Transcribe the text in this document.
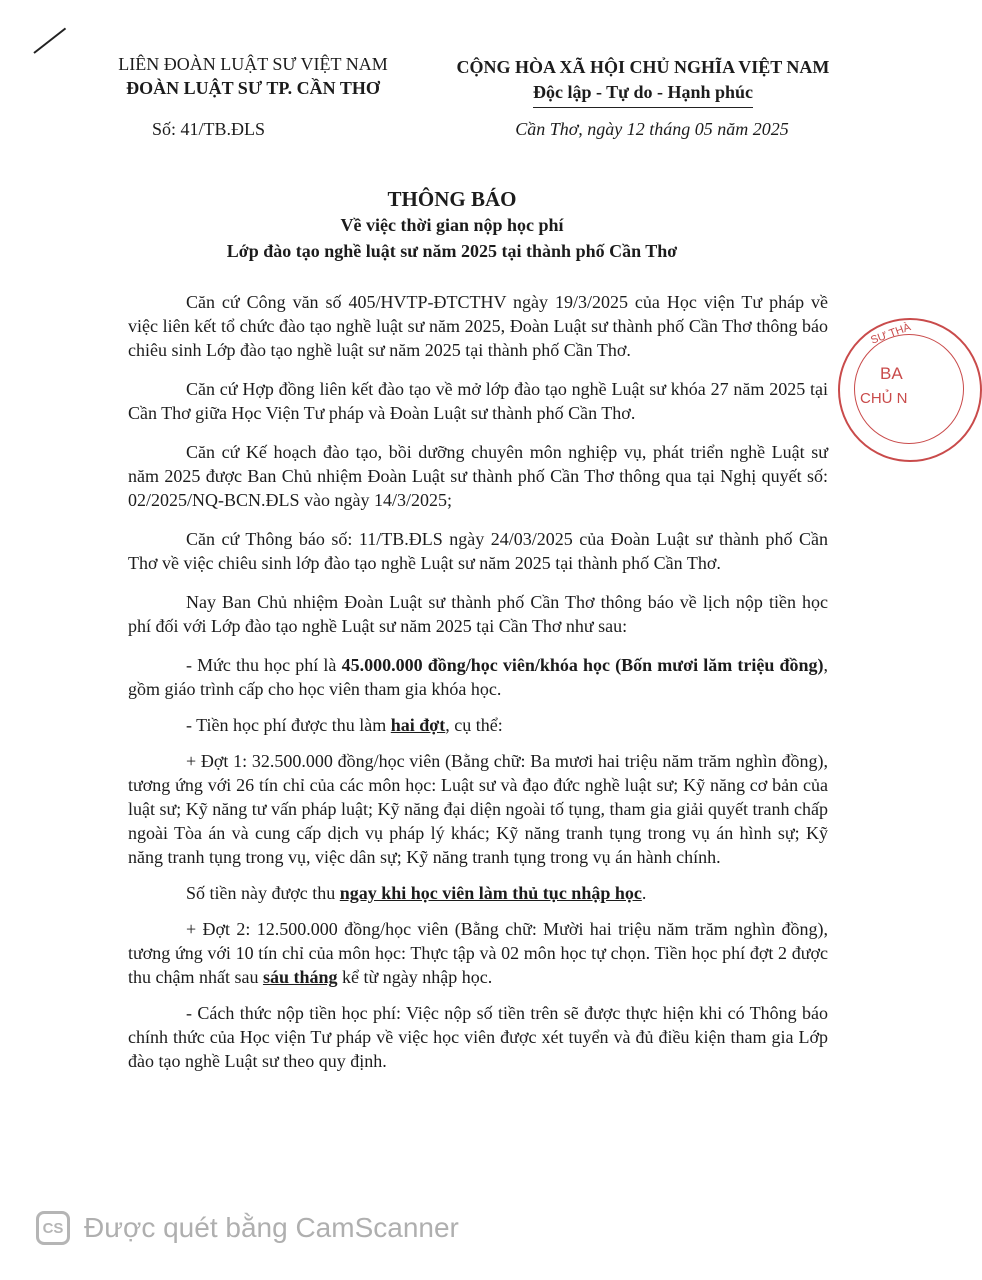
LIÊN ĐOÀN LUẬT SƯ VIỆT NAM
ĐOÀN LUẬT SƯ TP. CẦN THƠ
CỘNG HÒA XÃ HỘI CHỦ NGHĨA VIỆT NAM
Độc lập - Tự do - Hạnh phúc
Số: 41/TB.ĐLS	Cần Thơ, ngày 12 tháng 05 năm 2025
THÔNG BÁO
Về việc thời gian nộp học phí
Lớp đào tạo nghề luật sư năm 2025 tại thành phố Cần Thơ

Căn cứ Công văn số 405/HVTP-ĐTCTHV ngày 19/3/2025 của Học viện Tư pháp về việc liên kết tổ chức đào tạo nghề luật sư năm 2025, Đoàn Luật sư thành phố Cần Thơ thông báo chiêu sinh Lớp đào tạo nghề luật sư năm 2025 tại thành phố Cần Thơ.

Căn cứ Hợp đồng liên kết đào tạo về mở lớp đào tạo nghề Luật sư khóa 27 năm 2025 tại Cần Thơ giữa Học Viện Tư pháp và Đoàn Luật sư thành phố Cần Thơ.

Căn cứ Kế hoạch đào tạo, bồi dưỡng chuyên môn nghiệp vụ, phát triển nghề Luật sư năm 2025 được Ban Chủ nhiệm Đoàn Luật sư thành phố Cần Thơ thông qua tại Nghị quyết số: 02/2025/NQ-BCN.ĐLS vào ngày 14/3/2025;

Căn cứ Thông báo số: 11/TB.ĐLS ngày 24/03/2025 của Đoàn Luật sư thành phố Cần Thơ về việc chiêu sinh lớp đào tạo nghề Luật sư năm 2025 tại thành phố Cần Thơ.

Nay Ban Chủ nhiệm Đoàn Luật sư thành phố Cần Thơ thông báo về lịch nộp tiền học phí đối với Lớp đào tạo nghề Luật sư năm 2025 tại Cần Thơ như sau:

- Mức thu học phí là 45.000.000 đồng/học viên/khóa học (Bốn mươi lăm triệu đồng), gồm giáo trình cấp cho học viên tham gia khóa học.

- Tiền học phí được thu làm hai đợt, cụ thể:

+ Đợt 1: 32.500.000 đồng/học viên (Bằng chữ: Ba mươi hai triệu năm trăm nghìn đồng), tương ứng với 26 tín chỉ của các môn học: Luật sư và đạo đức nghề luật sư; Kỹ năng cơ bản của luật sư; Kỹ năng tư vấn pháp luật; Kỹ năng đại diện ngoài tố tụng, tham gia giải quyết tranh chấp ngoài Tòa án và cung cấp dịch vụ pháp lý khác; Kỹ năng tranh tụng trong vụ án hình sự; Kỹ năng tranh tụng trong vụ, việc dân sự; Kỹ năng tranh tụng trong vụ án hành chính.

Số tiền này được thu ngay khi học viên làm thủ tục nhập học.

+ Đợt 2: 12.500.000 đồng/học viên (Bằng chữ: Mười hai triệu năm trăm nghìn đồng), tương ứng với 10 tín chỉ của môn học: Thực tập và 02 môn học tự chọn. Tiền học phí đợt 2 được thu chậm nhất sau sáu tháng kể từ ngày nhập học.

- Cách thức nộp tiền học phí: Việc nộp số tiền trên sẽ được thực hiện khi có Thông báo chính thức của Học viện Tư pháp về việc học viên được xét tuyển và đủ điều kiện tham gia Lớp đào tạo nghề Luật sư theo quy định.

SƯ THÀ
BA
CHỦ N
CS Được quét bằng CamScanner
